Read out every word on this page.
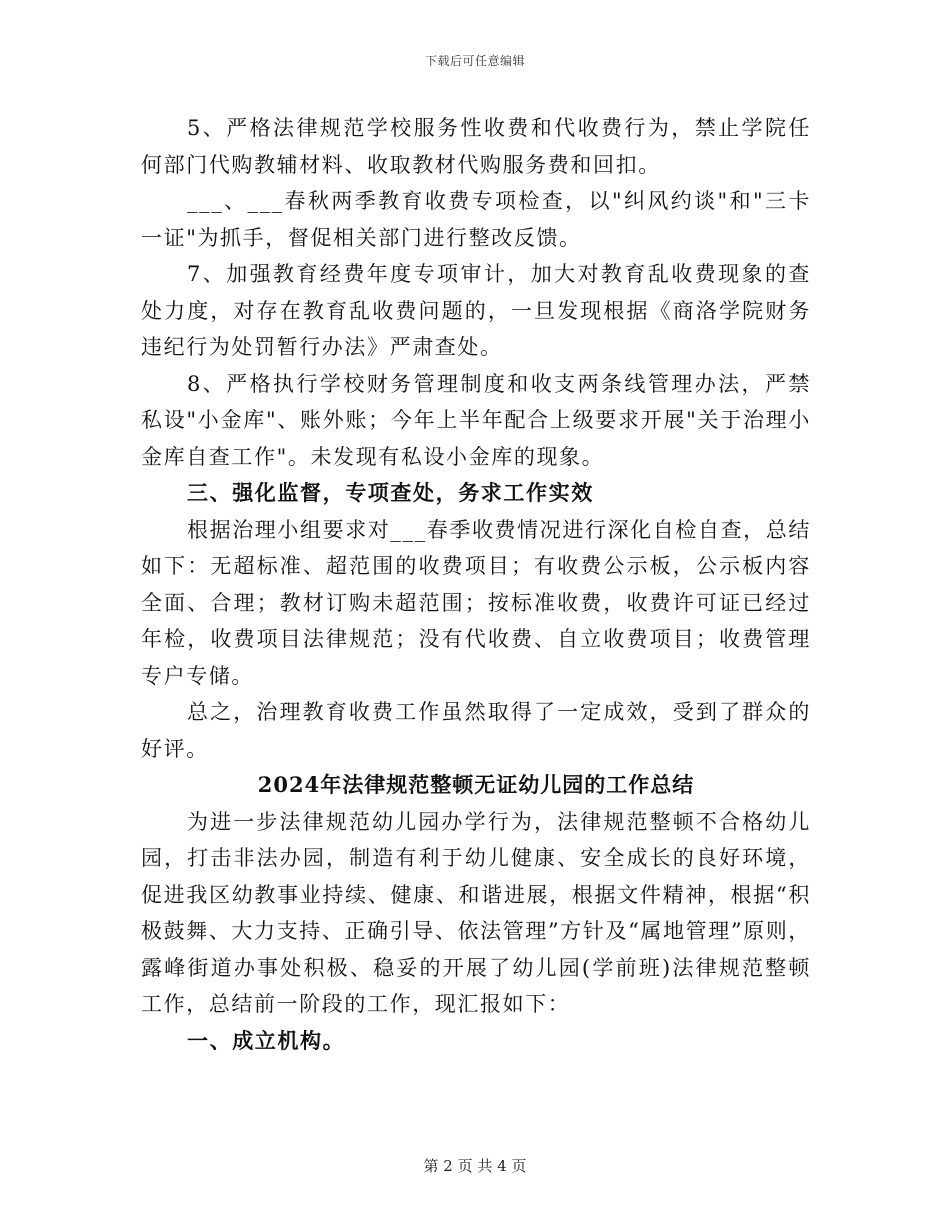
下载后可任意编辑

5、严格法律规范学校服务性收费和代收费行为，禁止学院任何部门代购教辅材料、收取教材代购服务费和回扣。

___、___春秋两季教育收费专项检查，以"纠风约谈"和"三卡一证"为抓手，督促相关部门进行整改反馈。

7、加强教育经费年度专项审计，加大对教育乱收费现象的查处力度，对存在教育乱收费问题的，一旦发现根据《商洛学院财务违纪行为处罚暂行办法》严肃查处。

8、严格执行学校财务管理制度和收支两条线管理办法，严禁私设"小金库"、账外账；今年上半年配合上级要求开展"关于治理小金库自查工作"。未发现有私设小金库的现象。

三、强化监督，专项查处，务求工作实效

根据治理小组要求对___春季收费情况进行深化自检自查，总结如下：无超标准、超范围的收费项目；有收费公示板，公示板内容全面、合理；教材订购未超范围；按标准收费，收费许可证已经过年检，收费项目法律规范；没有代收费、自立收费项目；收费管理专户专储。

总之，治理教育收费工作虽然取得了一定成效，受到了群众的好评。

2024年法律规范整顿无证幼儿园的工作总结

为进一步法律规范幼儿园办学行为，法律规范整顿不合格幼儿园，打击非法办园，制造有利于幼儿健康、安全成长的良好环境，促进我区幼教事业持续、健康、和谐进展，根据文件精神，根据“积极鼓舞、大力支持、正确引导、依法管理”方针及“属地管理”原则，露峰街道办事处积极、稳妥的开展了幼儿园(学前班)法律规范整顿工作，总结前一阶段的工作，现汇报如下：

一、成立机构。

第 2 页 共 4 页
